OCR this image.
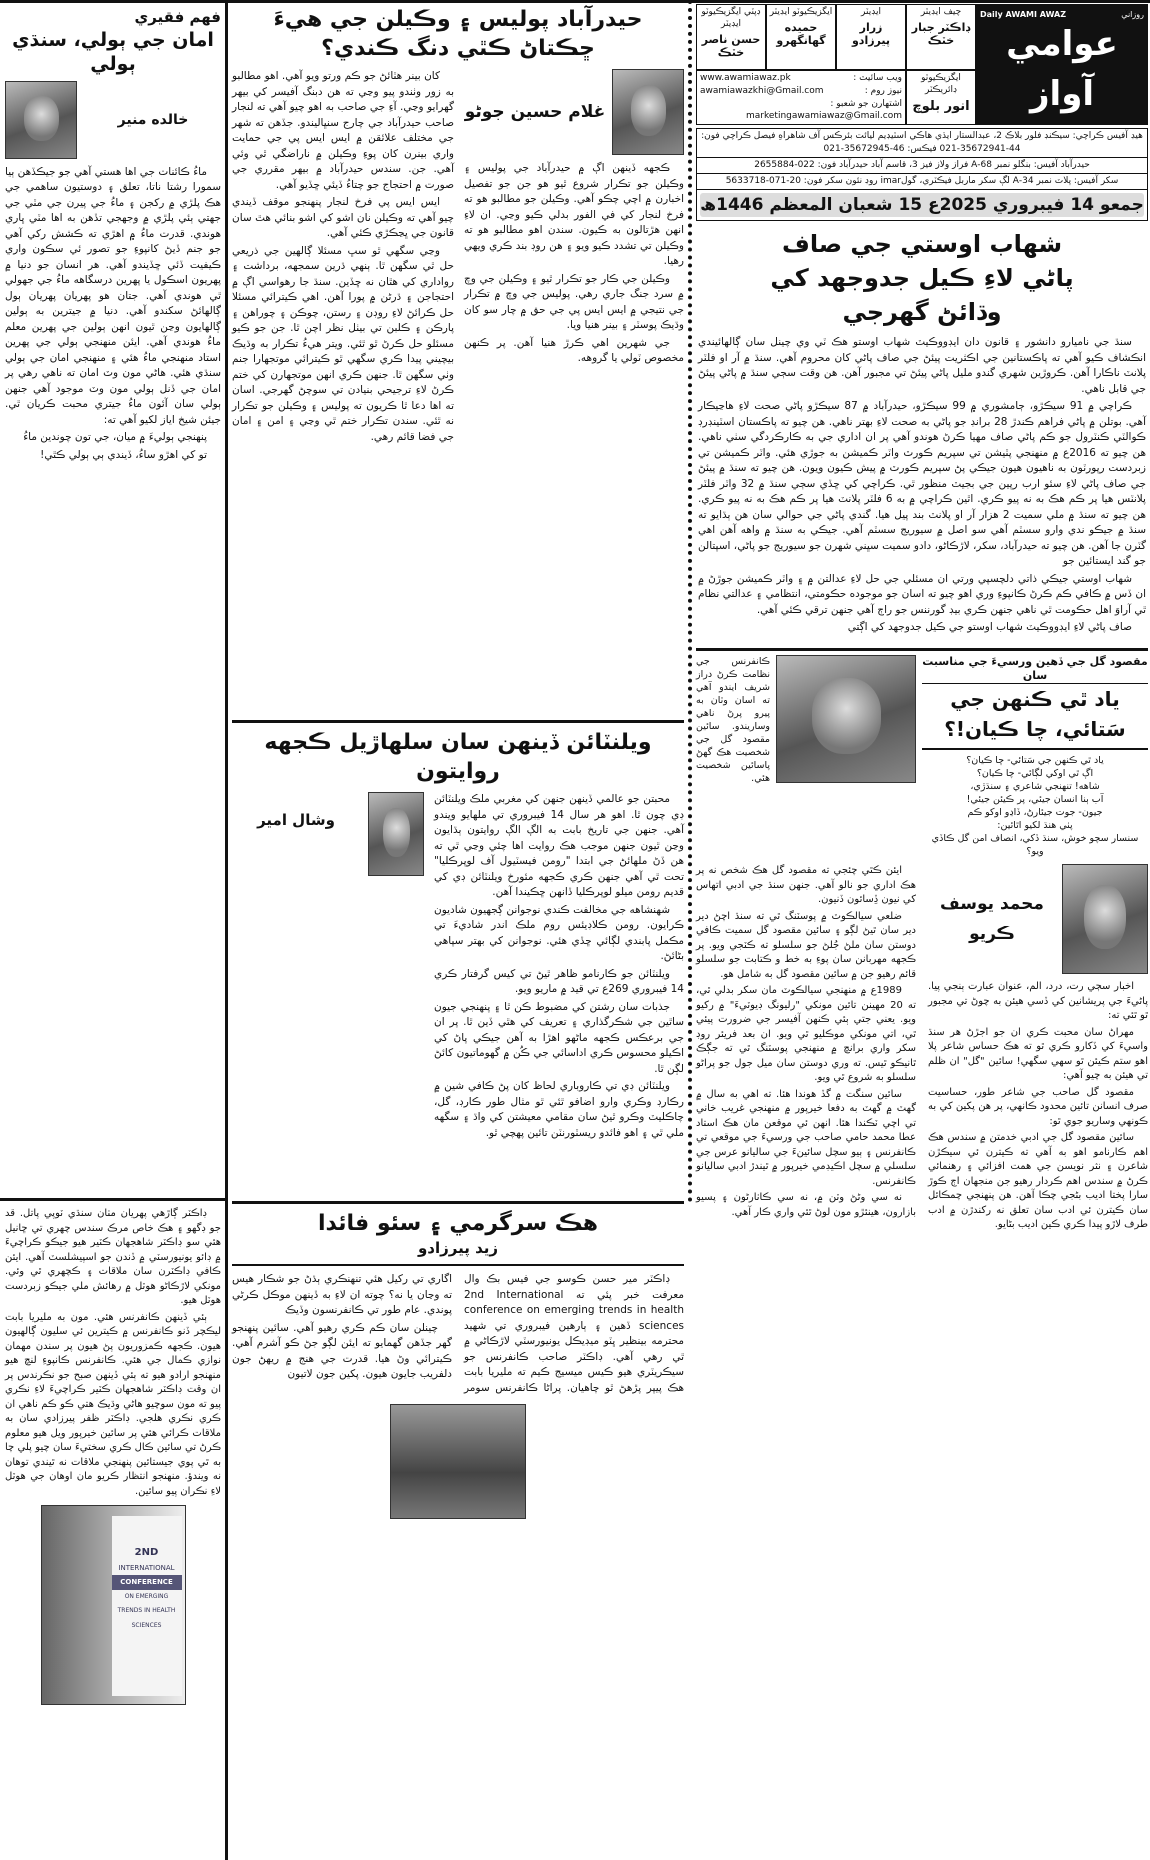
Daily AWAMI AWAZ	روزاني
عوامي آواز
چيف ايڊيٽر
ڊاڪٽر جبار خٽڪ
ايڊيٽر
زرار پيرزادو
ايگزيڪيوٽو ايڊيٽر
حميده گهانگهرو
ڊپٽي ايگزيڪيوٽو ايڊيٽر
حسن ناصر خٽڪ
ايگزيڪيوٽو ڊائريڪٽر
انور بلوچ
ويب سائيٽ :
www.awamiawaz.pk
نيوز روم :
awamiawazkhi@Gmail.com
اشتهارن جو شعبو :
marketingawamiawaz@Gmail.com
هيڊ آفيس ڪراچي: سيڪنڊ فلور بلاڪ 2، عبدالستار ايڌي هاڪي اسٽيڊيم ليائت بئرڪس آف شاهراهِ فيصل ڪراچي فون: 44-35672941-021 فيڪس: 46-35672945-021
حيدرآباد آفيس: بنگلو نمبر 68-A فراز ولاز فيز 3، قاسم آباد حيدرآباد فون: 022-2655884
سکر آفيس: پلاٽ نمبر 34-A لڳ سکر ماربل فيڪٽري، گولimar روڊ نئون سکر فون: 20-071-5633718
جمعو 14 فيبروري 2025ع 15 شعبان المعظم 1446ھ
شهاب اوستي جي صاف پاڻي لاءِ ڪيل جدوجهد کي وڌائڻ گهرجي

سنڌ جي ناميارو دانشور ۽ قانون دان ايڊووڪيٽ شهاب اوستو هڪ ٽي وي چينل سان ڳالهائيندي انڪشاف ڪيو آهي ته پاڪستانين جي اڪثريت پيئڻ جي صاف پاڻي کان محروم آهي. سنڌ ۾ آر او فلٽر پلانٽ ناڪارا آهن. ڪروڙين شهري گندو مليل پاڻي پيئڻ تي مجبور آهن. هن وقت سڄي سنڌ ۾ پاڻي پيئڻ جي قابل ناهي.

ڪراچي ۾ 91 سيڪڙو، ڄامشوري ۾ 99 سيڪڙو، حيدرآباد ۾ 87 سيڪڙو پاڻي صحت لاءِ هاڃيڪار آهي. بوتلن ۾ پاڻي فراهم ڪندڙ 28 برانڊ جو پاڻي به صحت لاءِ بهتر ناهي. هن چيو ته پاڪستان اسٽينڊرڊ ڪوالٽي ڪنٽرول جو ڪم پاڻي صاف مهيا ڪرڻ هوندو آهي پر ان اداري جي به ڪارڪردگي سٺي ناهي. هن چيو ته 2016ع ۾ منهنجي پٽيشن تي سپريم ڪورٽ واٽر ڪميشن به جوڙي هئي. واٽر ڪميشن تي زبردست رپورٽون به ناهيون هيون جيڪي پڻ سپريم ڪورٽ ۾ پيش ڪيون ويون. هن چيو ته سنڌ ۾ پيئڻ جي صاف پاڻي لاءِ سئو ارب رپين جي بجيٽ منظور ٿي. ڪراچي کي ڇڏي سڄي سنڌ ۾ 32 واٽر فلٽر پلانٽس هيا پر ڪم هڪ به نه پيو ڪري. اٿين ڪراچي ۾ به 6 فلٽر پلانٽ هيا پر ڪم هڪ به نه پيو ڪري. هن چيو ته سنڌ ۾ ملي سميت 2 هزار آر او پلانٽ بند پيل هيا. گندي پاڻي جي حوالي سان هن ٻڌايو ته سنڌ ۾ جيڪو ندي وارو سسٽم آهي سو اصل ۾ سيوريج سسٽم آهي. جيڪي به سنڌ ۾ واهه آهن اهي گٽرن جا آهن. هن چيو ته حيدرآباد، سکر، لاڙڪاڻو، دادو سميت سڀني شهرن جو سيوريج جو پاڻي، اسپتالن جو گند ايستائين جو

شهاب اوستي جيڪي ذاتي دلچسپي ورتي ان مسئلي جي حل لاءِ عدالتن ۾ ۽ واٽر ڪميشن جوڙڻ ۾ ان ڏس ۾ ڪافي ڪم ڪرڻ ڪانپوءِ وري اهو چيو ته اسان جو موجوده حڪومتي، انتظامي ۽ عدالتي نظام ٿي آراوَ اهل حڪومت ٿي ناهي جنهن ڪري بيڊ گورننس جو راڄ آهي جنهن ترقي ڪئي آهي.

صاف پاڻي لاءِ ايڊووڪيٽ شهاب اوستو جي ڪيل جدوجهد کي اڳتي

مقصود گل جي ڏهين ورسيءَ جي مناسبت سان
ياد ٿي ڪنهن جي سَتائي، چا ڪيان!؟
ياد ٿي ڪنهن جي سَتائي- چا ڪيان؟
اڳ ٿي اوکي لڳائي- چا ڪيان؟
شاهه! تنهنجي شاعري ۽ سنڌڙي،
آب ٻنا انسان جيئي، پر ڪيئن جيئي!
جيون- جوت جيئارڻ، ڏاڍو اوکو ڪم
پٺي هنڌ لکيو اٿائين:
سنسار سچو خوش، سنڌ ڏکي، انصاف امن گل ڪاڏي ويو؟
ڪانفرنس جي نظامت ڪرڻ دراز شريف ايندو آهي ته اسان وٽان به پيرو پرڻ ناهي وساريندو. سائين مقصود گل جي شخصيت هڪ گهڻ پاسائين شخصيت هئي.
محمد يوسف ڪريو

اخبار سڄي رت، درد، الم، عنوان عبارت ٻنجي پيا. پاڻيءَ جي پريشانين کي ڏسي هيئن به چوڻ تي مجبور ٿو ٿئي ته:

مهراڻ سان محبت ڪري ان جو اجڙڻ هر سنڌ واسيءَ کي ڏکارو ڪري ٿو ته هڪ حساس شاعر پلا اهو ستم ڪيئن ٿو سهي سگهي! سائين "گل" ان ظلم تي هيئن به چيو آهي:

مقصود گل صاحب جي شاعر طور، حساسيت صرف انسانن تائين محدود ڪانهي، پر هن پکين کي به ڪونهي وساريو جوي ٿو:

سائين مقصود گل جي ادبي خدمتن ۾ سندس هڪ اهم ڪارنامو اهو به آهي ته ڪيترن ئي سيڪڙن شاعرن ۽ نثر نويسن جي همت افزائي ۽ رهنمائي ڪرڻ ۾ سندس اهم ڪردار رهيو جن منجهان اڄ ڪوڙ سارا پختا اديب بڻجي چڪا آهن. هن پنهنجي چمڪائل سان ڪيترن ئي ادب سان تعلق نه رکندڙن ۾ ادب طرف لاڙو پيدا ڪري ڪين اديب بڻايو.

ايئن ڪٿي چئجي ته مقصود گل هڪ شخص نه پر هڪ اداري جو نالو آهي. جنهن سنڌ جي ادبي اتهاس کي نيون ڏِسائون ڏنيون.

ضلعي سيالڪوٽ ۾ پوسٽنگ ٿي ته سنڌ اچڻ دير دير سان ٿيڻ لڳو ۽ سائين مقصود گل سميت ڪافي دوستن سان ملڻ جُلڻ جو سلسلو ته ڪٽجي ويو. پر ڪجهه مهربانن سان پوءِ به خط و ڪتابت جو سلسلو قائم رهيو جن ۾ سائين مقصود گل به شامل هو.

1989ع ۾ منهنجي سيالڪوٽ مان سکر بدلي ٿي، ته 20 مهينن تائين مونکي "رليونگ ڊيوٽيءَ" ۾ رکيو ويو. يعني جتي ٻئي ڪنهن آفيسر جي ضرورت پيئي ٿي، اتي مونکي موڪليو ٿي ويو. ان بعد فريئر روڊ سکر واري برانچ ۾ منهنجي پوسٽنگ ٿي ته جڳڪ ٿانيڪو ٿيس. ته وري دوستن سان ميل جول جو پراڻو سلسلو به شروع ٿي ويو.

سائين سنگت ۾ گڏ هوندا هئا. ته اهي به سال ۾ گهٽ ۾ گهٽ به دفعا خيرپور ۾ منهنجي غريب خاني تي اچي ٽڪندا هئا. انهن ئي موقعن مان هڪ استاد عطا محمد حامي صاحب جي ورسيءَ جي موقعي تي ڪانفرنس ۽ ٻيو سچل سائينءَ جي ساليانو عرس جي سلسلي ۾ سچل اڪيڊمي خيرپور ۾ ٿيندڙ ادبي ساليانو ڪانفرنس.

نه سي وڻڻ وٽن ۾، نه سي ڪاٺارڻون ۽ پسيو بازارون، هينئڙو مون لوڻ ٿئي واري ڪار آهي.

حيدرآباد پوليس ۽ وڪيلن جي هيءَ ڇڪتاڻ ڪٿي دنگ ڪندي؟
غلام حسين جوڻو

ڪجهه ڏينهن اڳ ۾ حيدرآباد جي پوليس ۽ وڪيلن جو تڪرار شروع ٿيو هو جن جو تفصيل اخبارن ۾ اچي چڪو آهي. وڪيلن جو مطالبو هو ته فرخ لنجار کي في الفور بدلي ڪيو وڃي. ان لاءِ انهن هڙتالون به ڪيون. سندن اهو مطالبو هو ته وڪيلن تي تشدد ڪيو ويو ۽ هن روڊ بند ڪري ويهي رهيا.

وڪيلن جي ڪار جو تڪرار ٿيو ۽ وڪيلن جي وچ ۾ سرد جنگ جاري رهي. پوليس جي وچ ۾ تڪرار جي نتيجي ۾ ايس ايس پي جي حق ۾ چار سو کان وڌيڪ پوسٽر ۽ بينر هنيا ويا.

جي شهرين اهي ڪرڙ هنيا آهن. پر ڪنهن مخصوص ٽولي يا گروهه.

کان بينر هٽائڻ جو ڪم ورتو ويو آهي. اهو مطالبو به زور وٺندو پيو وڃي ته هن دبنگ آفيسر کي بيهر گهرايو وڃي. آءِ جي صاحب به اهو چيو آهي ته لنجار صاحب حيدرآباد جي چارج سنڀاليندو. جڏهن ته شهر جي مختلف علائقن ۾ ايس ايس پي جي حمايت واري بينرن کان پوءِ وڪيلن ۾ ناراضگي ٿي وئي آهي. جن. سندس حيدرآباد ۾ بيهر مقرري جي صورت ۾ احتجاج جو چتاءُ ڏيئي ڇڏيو آهي.

ايس ايس پي فرخ لنجار پنهنجو موقف ڏيندي چيو آهي ته وڪيلن نان اشو کي اشو بنائي هٿ سان قانون جي ڀڃڪڙي ڪئي آهي.

وڃي سگهي ٿو سڀ مسئلا ڳالهين جي ذريعي حل ٿي سگهن ٿا. ٻنهي ڌرين سمجهه، برداشت ۽ رواداري کي هٿان نه ڇڏين. سنڌ جا رهواسي اڳ ۾ احتجاجن ۽ ڌرڻن ۾ پورا آهن. اهي ڪيترائي مسئلا حل ڪرائڻ لاءِ روڊن ۽ رستن، چوڪن ۽ چوراهن ۽ پارڪن ۽ ڪلبن تي بيٺل نظر اچن ٿا. جن جو ڪيو مسئلو حل ڪرڻ ٿو ٿئي. ويتر هيءُ تڪرار به وڌيڪ بيچيني پيدا ڪري سگهي ٿو ڪيترائي موتجهارا جنم وٺي سگهن ٿا. جنهن ڪري انهن موتجهارن کي ختم ڪرڻ لاءِ ترجيحي بنيادن تي سوچڻ گهرجي. اسان ته اها دعا ٿا ڪريون ته پوليس ۽ وڪيلن جو تڪرار نه ٿئي. سندن تڪرار ختم ٿي وڃي ۽ امن ۽ امان جي فضا قائم رهي.

ويلنٽائن ڏينهن سان سلهاڙيل ڪجهه روايتون

محبتن جو عالمي ڏينهن جنهن کي مغربي ملڪ ويلنٽائن ڊي چون ٿا. اهو هر سال 14 فيبروري تي ملهايو ويندو آهي. جنهن جي تاريخ بابت به الڳ الڳ روايتون ٻڌايون وڃن ٿيون جنهن موجب هڪ روايت اها چئي وڃي ٿي ته هن ڏڻ ملهائڻ جي ابتدا "رومن فيسٽيول آف لوپرڪليا" تحت ٿي آهي جنهن ڪري ڪجهه مئورخ ويلنٽائن ڊي کي قديم رومن ميلو لوپرڪليا ڏانهن ڇڪيندا آهن.

شهنشاهه جي مخالفت ڪندي نوجوانن ڳجهيون شاديون ڪرايون. رومن ڪلاڊيئس روم ملڪ اندر شاديءَ تي مڪمل پابندي لڳائي ڇڏي هئي. نوجوانن کي بهتر سپاهي بڻائڻ.

ويلنٽائن جو ڪارنامو ظاهر ٿيڻ تي کيس گرفتار ڪري 14 فيبروري 269ع تي قيد ۾ ماريو ويو.

جذبات سان رشتن کي مضبوط ڪن ٿا ۽ پنهنجي جيون ساٿين جي شڪرگذاري ۽ تعريف کي هٿي ڏين ٿا. پر ان جي برعڪس ڪجهه ماڻهو اهڙا به آهن جيڪي پاڻ کي اڪيلو محسوس ڪري اداسائي جي ڪُن ۾ گهوماتيون کائڻ لڳن ٿا.

ويلنٽائن ڊي تي ڪاروباري لحاظ کان پڻ ڪافي شين ۾ رڪارڊ وڪري وارو اضافو ٿئي ٿو مثال طور ڪارڊ، گل، چاڪليٽ وڪرو ٿيڻ سان مقامي معيشتن کي واڌ ۽ سگهه ملي ٿي ۽ اهو فائدو ريسٽورنٽن تائين پهچي ٿو.

وشال امير
هڪ سرگرمي ۽ سئو فائدا
زيد پيرزادو

ڊاڪٽر مير حسن ڪوسو جي فيس بڪ وال معرفت خبر پئي ته 2nd International conference on emerging trends in health sciences ڏهين ۽ ٻارهين فيبروري تي شهيد محترمه بينظير ڀٽو ميڊيڪل يونيورسٽي لاڙڪاڻي ۾ ٿي رهي آهي. ڊاڪٽر صاحب ڪانفرنس جو سيڪريٽري هيو ڪيس ميسيج ڪيم ته مليريا بابت هڪ پيپر پڙهڻ ٿو چاهيان. پراڻا ڪانفرنس سومر اگاري تي رکيل هئي تنهنڪري ٻڌڻ جو شڪار هيس ته وڃان يا نه؟ چوته ان لاءِ به ڏينهن موڪل ڪرڻي پوندي. عام طور تي ڪانفرنسون وڏيڪ

چينلن سان ڪم ڪري رهيو آهي. سائين پنهنجو گهر جڏهن گهمايو ته ايئن لڳو جڻ ڪو آشرم آهي. ڪيترائي وڻ هيا. قدرت جي هنج ۾ ريهڻ جون دلفريب جايون هيون. پکين جون لاتيون

فهم فقيري
امان جي ٻولي، سنڌي ٻولي
خالده منير

ماءُ ڪائنات جي اها هستي آهي جو جيڪڏهن ٻيا سمورا رشتا ناتا، تعلق ۽ دوستيون ساهمي جي هڪ پلڙي ۾ رکجن ۽ ماءُ جي پيرن جي مٽي جي جهتي ٻئي پلڙي ۾ وجهجي تڏهن به اها مٽي ڀاري هوندي. قدرت ماءُ ۾ اهڙي ته ڪشش رکي آهي جو جنم ڏيڻ کانپوءِ جو تصور ئي سڪون واري ڪيفيت ڏئي ڇڏيندو آهي. هر انسان جو دنيا ۾ پهريون اسڪول يا پهرين درسگاهه ماءُ جي جهولي ٿي هوندي آهي. جتان هو پهريان پهريان ٻول ڳالهائڻ سکندو آهي. دنيا ۾ جيترين به ٻولين ڳالهايون وڃن ٿيون انهن ٻولين جي پهرين معلم ماءُ هوندي آهي. ايئن منهنجي ٻولي جي پهرين استاد منهنجي ماءُ هئي ۽ منهنجي امان جي ٻولي سنڌي هئي. هاڻي مون وٽ امان ته ناهي رهي پر امان جي ڏنل ٻولي مون وٽ موجود آهي جنهن ٻولي سان آئون ماءُ جيتري محبت ڪريان ٿي. جيئن شيخ اياز لکيو آهي ته:

پنهنجي ٻوليءَ ۾ ميان، جي تون چوندين ماءُ

تو کي اهڙو ساءُ، ڏيندي ٻي ٻولي ڪٿي!

ڊاڪٽر ڳاڙهي پهريان مٺان سنڌي ٽوپي پاتل. قد جو ڊگهو ۽ هڪ خاص مرڪ سندس چهري تي ڇانيل هئي سو ڊاڪٽر شاهجهان ڪٽير هيو جيڪو ڪراچيءَ ۾ ڊائو يونيورسٽي ۾ ڏندن جو اسپيشلسٽ آهي. ايئن ڪافي ڊاڪٽرن سان ملاقات ۽ ڪچهري ٿي وئي. مونکي لاڙڪاڻو هوٽل ۾ رهائش ملي جيڪو زبردست هوٽل هيو.

ٻئي ڏينهن ڪانفرنس هئي. مون به مليريا بابت ليڪچر ڏنو ڪانفرنس ۾ ڪيترين ئي سليون ڳالهيون هيون. ڪجهه ڪمزوريون پڻ هيون پر سندن مهمان نوازي ڪمال جي هئي. ڪانفرنس ڪانپوءِ لنچ هيو منهنجو ارادو هيو ته ٻئي ڏينهن صبح جو نڪرندس پر ان وقت ڊاڪٽر شاهجهان ڪٽير ڪراچيءَ لاءِ نڪري پيو ته مون سوچيو هاڻي وڌيڪ هتي ڪو ڪم ناهي ان ڪري نڪري هلجي. ڊاڪٽر ظفر پيرزادي سان به ملاقات ڪرائي هئي پر سائين خيرپور ويل هيو معلوم ڪرڻ تي سائين ڪال ڪري سختيءَ سان چيو پلي چا به ٿي پوي جيستائين پنهنجي ملاقات نه ٿيندي توهان نه ويندؤ. منهنجو انتظار ڪريو مان اوهان جي هوٽل لاءِ نڪران پيو سائين.

2ND
INTERNATIONAL
CONFERENCE
ON EMERGING TRENDS IN HEALTH SCIENCES
